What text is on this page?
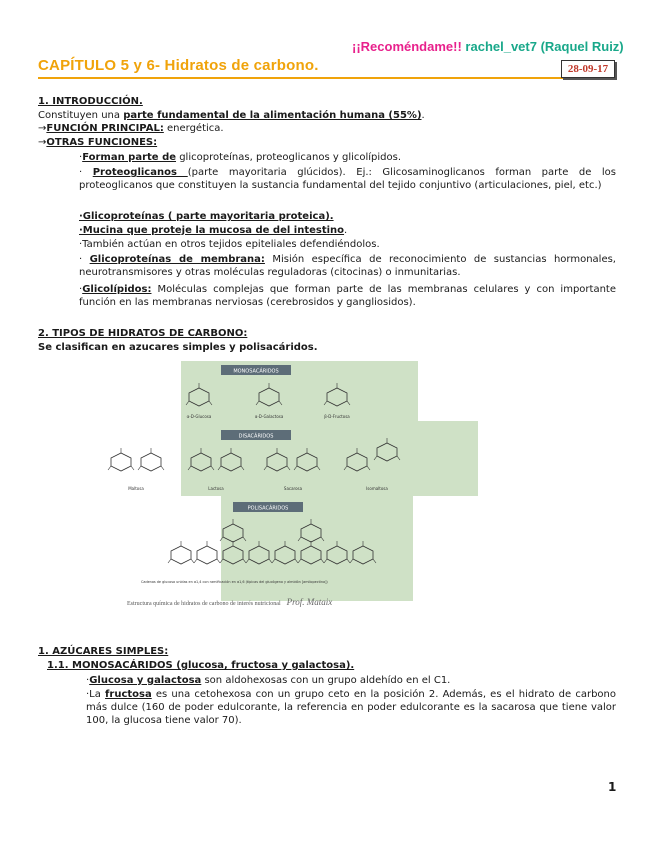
¡¡Recoméndame!! rachel_vet7 (Raquel Ruiz)
CAPÍTULO 5 y 6- Hidratos de carbono.	28-09-17
1. INTRODUCCIÓN.
Constituyen una parte fundamental de la alimentación humana (55%).
→FUNCIÓN PRINCIPAL: energética.
→OTRAS FUNCIONES:
·Forman parte de glicoproteínas, proteoglicanos y glicolípidos.
· Proteoglicanos (parte mayoritaria glúcidos). Ej.: Glicosaminoglicanos forman parte de los proteoglicanos que constituyen la sustancia fundamental del tejido conjuntivo (articulaciones, piel, etc.)
·Glicoproteínas ( parte mayoritaria proteica).
·Mucina que proteje la mucosa de del intestino.
·También actúan en otros tejidos epiteliales defendiéndolos.
· Glicoproteínas de membrana: Misión específica de reconocimiento de sustancias hormonales, neurotransmisores y otras moléculas reguladoras (citocinas) o inmunitarias.
·Glicolípidos: Moléculas complejas que forman parte de las membranas celulares y con importante función en las membranas nerviosas (cerebrosidos y gangliosidos).
2. TIPOS DE HIDRATOS DE CARBONO:
Se clasifican en azucares simples y polisacáridos.
MONOSACÁRIDOS
DISACÁRIDOS
POLISACÁRIDOS
α-D-Glucosa	α-D-Galactosa	β-D-Fructosa
Maltosa	Lactosa	Sacarosa	Isomaltosa
Cadenas de glucosa unidas en α1,4 con ramificación en α1,6 (típicas del glucógeno y almidón [amilopectina])
Estructura química de hidratos de carbono de interés nutricional Prof. Mataix
1. AZÚCARES SIMPLES:
1.1. MONOSACÁRIDOS (glucosa, fructosa y galactosa).
·Glucosa y galactosa son aldohexosas con un grupo aldehído en el C1.
·La fructosa es una cetohexosa con un grupo ceto en la posición 2. Además, es el hidrato de carbono más dulce (160 de poder edulcorante, la referencia en poder edulcorante es la sacarosa que tiene valor 100, la glucosa tiene valor 70).
1
